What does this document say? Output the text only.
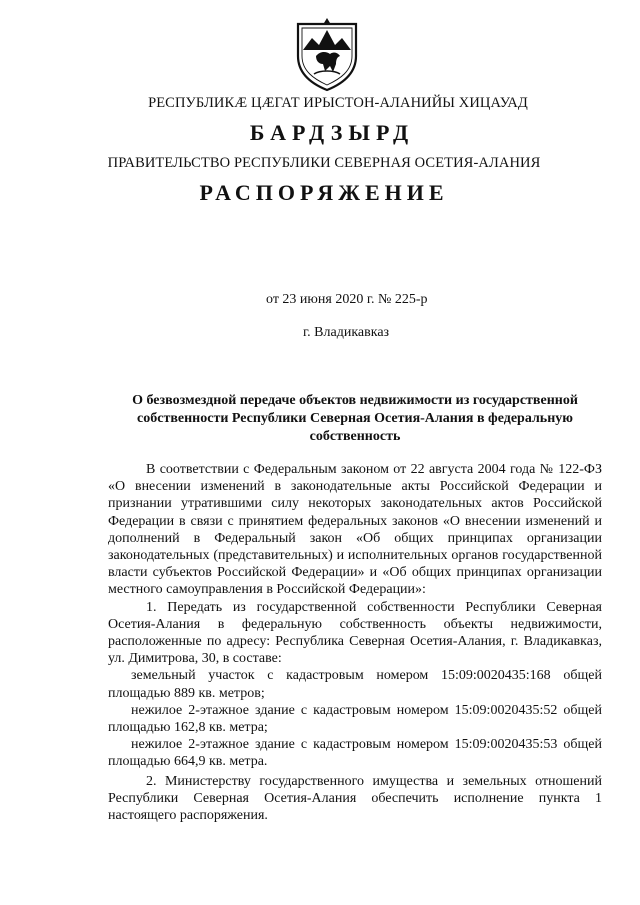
РЕСПУБЛИКӔ ЦӔГАТ ИРЫСТОН-АЛАНИЙЫ ХИЦАУАД
БАРДЗЫРД
ПРАВИТЕЛЬСТВО РЕСПУБЛИКИ СЕВЕРНАЯ ОСЕТИЯ-АЛАНИЯ
РАСПОРЯЖЕНИЕ
от 23 июня 2020 г. № 225-р
г. Владикавказ
О безвозмездной передаче объектов недвижимости из государственной собственности Республики Северная Осетия-Алания в федеральную собственность

В соответствии с Федеральным законом от 22 августа 2004 года № 122-ФЗ «О внесении изменений в законодательные акты Российской Федерации и признании утратившими силу некоторых законодательных актов Российской Федерации в связи с принятием федеральных законов «О внесении изменений и дополнений в Федеральный закон «Об общих принципах организации законодательных (представительных) и исполнительных органов государственной власти субъектов Российской Федерации» и «Об общих принципах организации местного самоуправления в Российской Федерации»:

1. Передать из государственной собственности Республики Северная Осетия-Алания в федеральную собственность объекты недвижимости, расположенные по адресу: Республика Северная Осетия-Алания, г. Владикавказ, ул. Димитрова, 30, в составе:

земельный участок с кадастровым номером 15:09:0020435:168 общей площадью 889 кв. метров;

нежилое 2-этажное здание с кадастровым номером 15:09:0020435:52 общей площадью 162,8 кв. метра;

нежилое 2-этажное здание с кадастровым номером 15:09:0020435:53 общей площадью 664,9 кв. метра.

2. Министерству государственного имущества и земельных отношений Республики Северная Осетия-Алания обеспечить исполнение пункта 1 настоящего распоряжения.
